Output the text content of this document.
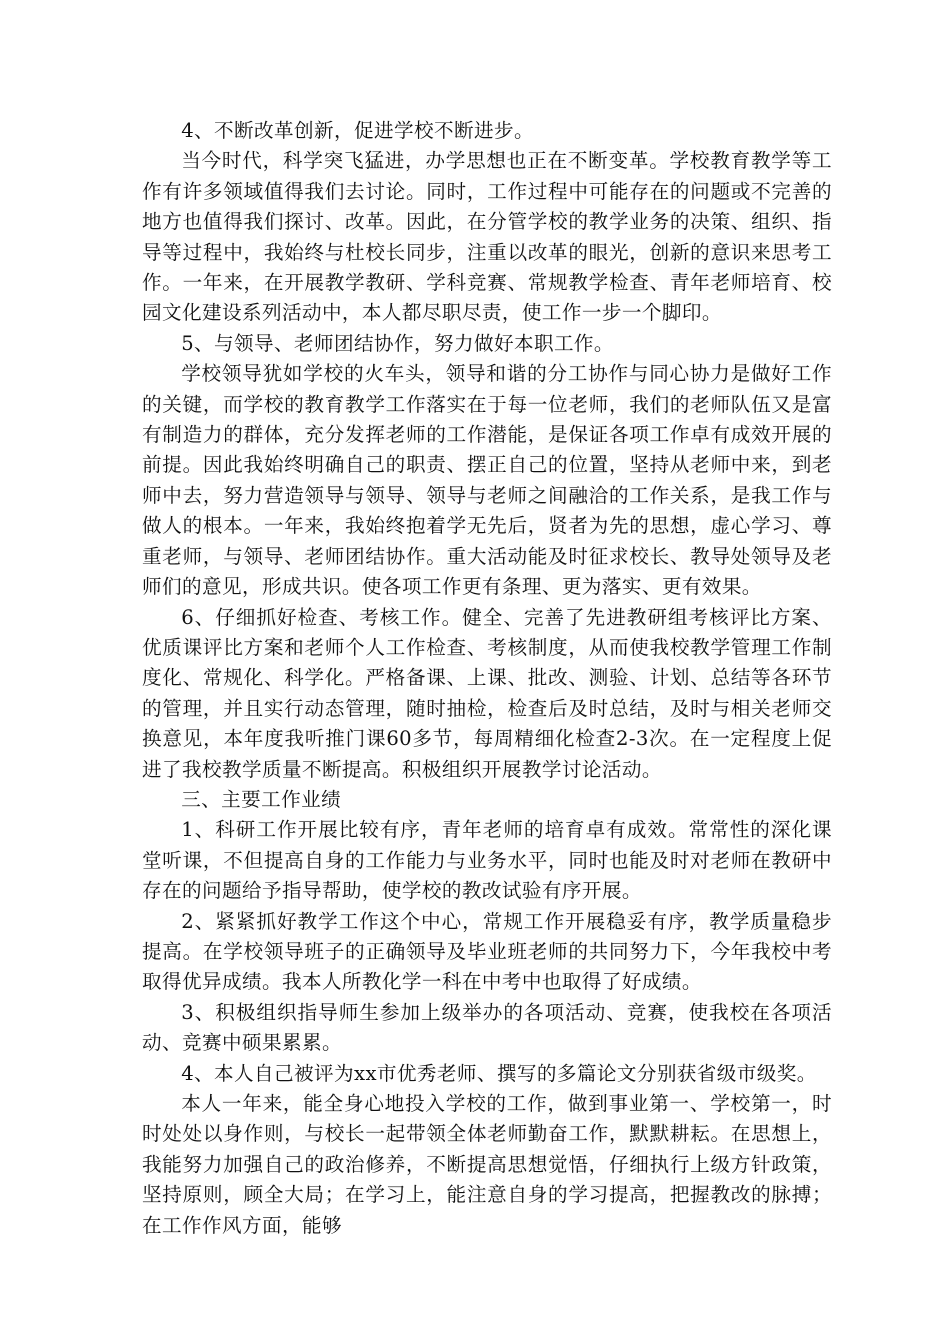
4、不断改革创新，促进学校不断进步。

当今时代，科学突飞猛进，办学思想也正在不断变革。学校教育教学等工作有许多领域值得我们去讨论。同时，工作过程中可能存在的问题或不完善的地方也值得我们探讨、改革。因此，在分管学校的教学业务的决策、组织、指导等过程中，我始终与杜校长同步，注重以改革的眼光，创新的意识来思考工作。一年来，在开展教学教研、学科竞赛、常规教学检查、青年老师培育、校园文化建设系列活动中，本人都尽职尽责，使工作一步一个脚印。

5、与领导、老师团结协作，努力做好本职工作。

学校领导犹如学校的火车头，领导和谐的分工协作与同心协力是做好工作的关键，而学校的教育教学工作落实在于每一位老师，我们的老师队伍又是富有制造力的群体，充分发挥老师的工作潜能，是保证各项工作卓有成效开展的前提。因此我始终明确自己的职责、摆正自己的位置，坚持从老师中来，到老师中去，努力营造领导与领导、领导与老师之间融洽的工作关系，是我工作与做人的根本。一年来，我始终抱着学无先后，贤者为先的思想，虚心学习、尊重老师，与领导、老师团结协作。重大活动能及时征求校长、教导处领导及老师们的意见，形成共识。使各项工作更有条理、更为落实、更有效果。

6、仔细抓好检查、考核工作。健全、完善了先进教研组考核评比方案、优质课评比方案和老师个人工作检查、考核制度，从而使我校教学管理工作制度化、常规化、科学化。严格备课、上课、批改、测验、计划、总结等各环节的管理，并且实行动态管理，随时抽检，检查后及时总结，及时与相关老师交换意见，本年度我听推门课60多节，每周精细化检查2-3次。在一定程度上促进了我校教学质量不断提高。积极组织开展教学讨论活动。

三、主要工作业绩

1、科研工作开展比较有序，青年老师的培育卓有成效。常常性的深化课堂听课，不但提高自身的工作能力与业务水平，同时也能及时对老师在教研中存在的问题给予指导帮助，使学校的教改试验有序开展。

2、紧紧抓好教学工作这个中心，常规工作开展稳妥有序，教学质量稳步提高。在学校领导班子的正确领导及毕业班老师的共同努力下，今年我校中考取得优异成绩。我本人所教化学一科在中考中也取得了好成绩。

3、积极组织指导师生参加上级举办的各项活动、竞赛，使我校在各项活动、竞赛中硕果累累。

4、本人自己被评为xx市优秀老师、撰写的多篇论文分别获省级市级奖。

本人一年来，能全身心地投入学校的工作，做到事业第一、学校第一，时时处处以身作则，与校长一起带领全体老师勤奋工作，默默耕耘。在思想上，我能努力加强自己的政治修养，不断提高思想觉悟，仔细执行上级方针政策，坚持原则，顾全大局；在学习上，能注意自身的学习提高，把握教改的脉搏；在工作作风方面，能够
